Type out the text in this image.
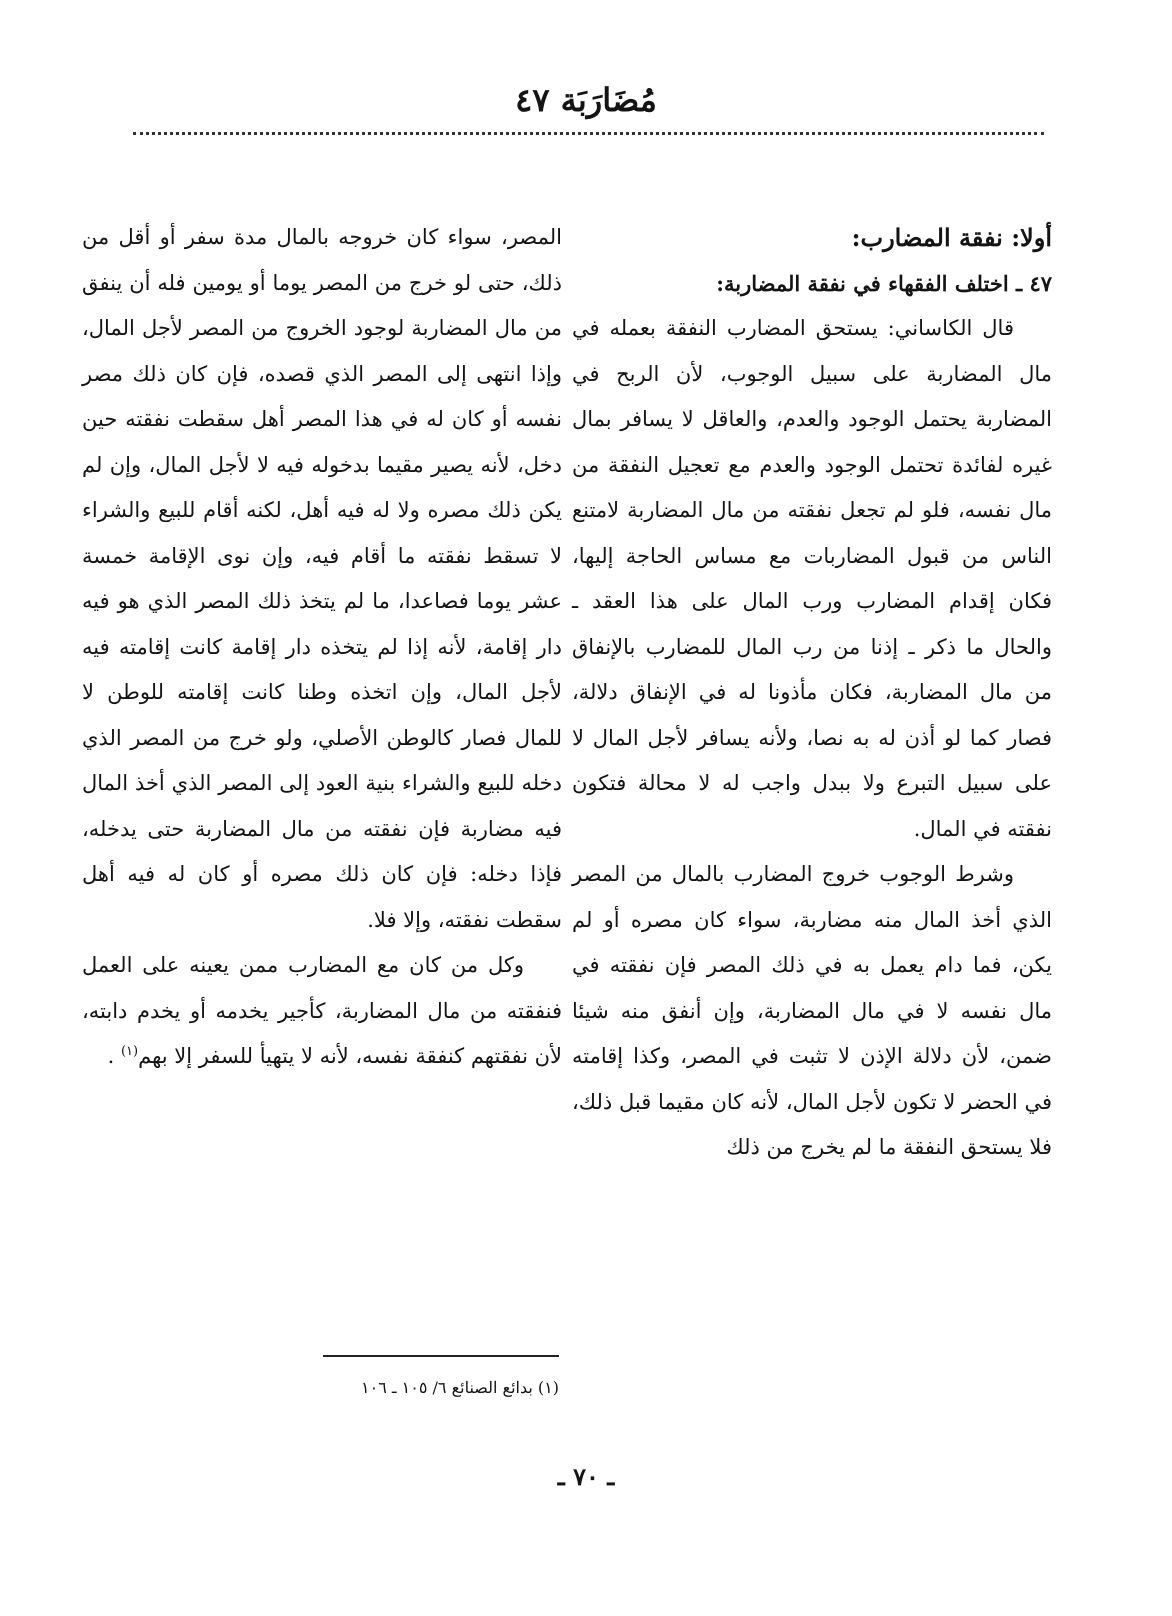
مُضَارَبَة ٤٧

أولا: نفقة المضارب:

٤٧ ـ اختلف الفقهاء في نفقة المضاربة:

قال الكاساني: يستحق المضارب النفقة بعمله في مال المضاربة على سبيل الوجوب، لأن الربح في المضاربة يحتمل الوجود والعدم، والعاقل لا يسافر بمال غيره لفائدة تحتمل الوجود والعدم مع تعجيل النفقة من مال نفسه، فلو لم تجعل نفقته من مال المضاربة لامتنع الناس من قبول المضاربات مع مساس الحاجة إليها، فكان إقدام المضارب ورب المال على هذا العقد ـ والحال ما ذكر ـ إذنا من رب المال للمضارب بالإنفاق من مال المضاربة، فكان مأذونا له في الإنفاق دلالة، فصار كما لو أذن له به نصا، ولأنه يسافر لأجل المال لا على سبيل التبرع ولا ببدل واجب له لا محالة فتكون نفقته في المال.

وشرط الوجوب خروج المضارب بالمال من المصر الذي أخذ المال منه مضاربة، سواء كان مصره أو لم يكن، فما دام يعمل به في ذلك المصر فإن نفقته في مال نفسه لا في مال المضاربة، وإن أنفق منه شيئا ضمن، لأن دلالة الإذن لا تثبت في المصر، وكذا إقامته في الحضر لا تكون لأجل المال، لأنه كان مقيما قبل ذلك، فلا يستحق النفقة ما لم يخرج من ذلك

المصر، سواء كان خروجه بالمال مدة سفر أو أقل من ذلك، حتى لو خرج من المصر يوما أو يومين فله أن ينفق من مال المضاربة لوجود الخروج من المصر لأجل المال، وإذا انتهى إلى المصر الذي قصده، فإن كان ذلك مصر نفسه أو كان له في هذا المصر أهل سقطت نفقته حين دخل، لأنه يصير مقيما بدخوله فيه لا لأجل المال، وإن لم يكن ذلك مصره ولا له فيه أهل، لكنه أقام للبيع والشراء لا تسقط نفقته ما أقام فيه، وإن نوى الإقامة خمسة عشر يوما فصاعدا، ما لم يتخذ ذلك المصر الذي هو فيه دار إقامة، لأنه إذا لم يتخذه دار إقامة كانت إقامته فيه لأجل المال، وإن اتخذه وطنا كانت إقامته للوطن لا للمال فصار كالوطن الأصلي، ولو خرج من المصر الذي دخله للبيع والشراء بنية العود إلى المصر الذي أخذ المال فيه مضاربة فإن نفقته من مال المضاربة حتى يدخله، فإذا دخله: فإن كان ذلك مصره أو كان له فيه أهل سقطت نفقته، وإلا فلا.

وكل من كان مع المضارب ممن يعينه على العمل فنفقته من مال المضاربة، كأجير يخدمه أو يخدم دابته، لأن نفقتهم كنفقة نفسه، لأنه لا يتهيأ للسفر إلا بهم$^{(١)}$ .

(١) بدائع الصنائع ٦/ ١٠٥ ـ ١٠٦
ـ ٧٠ ـ
